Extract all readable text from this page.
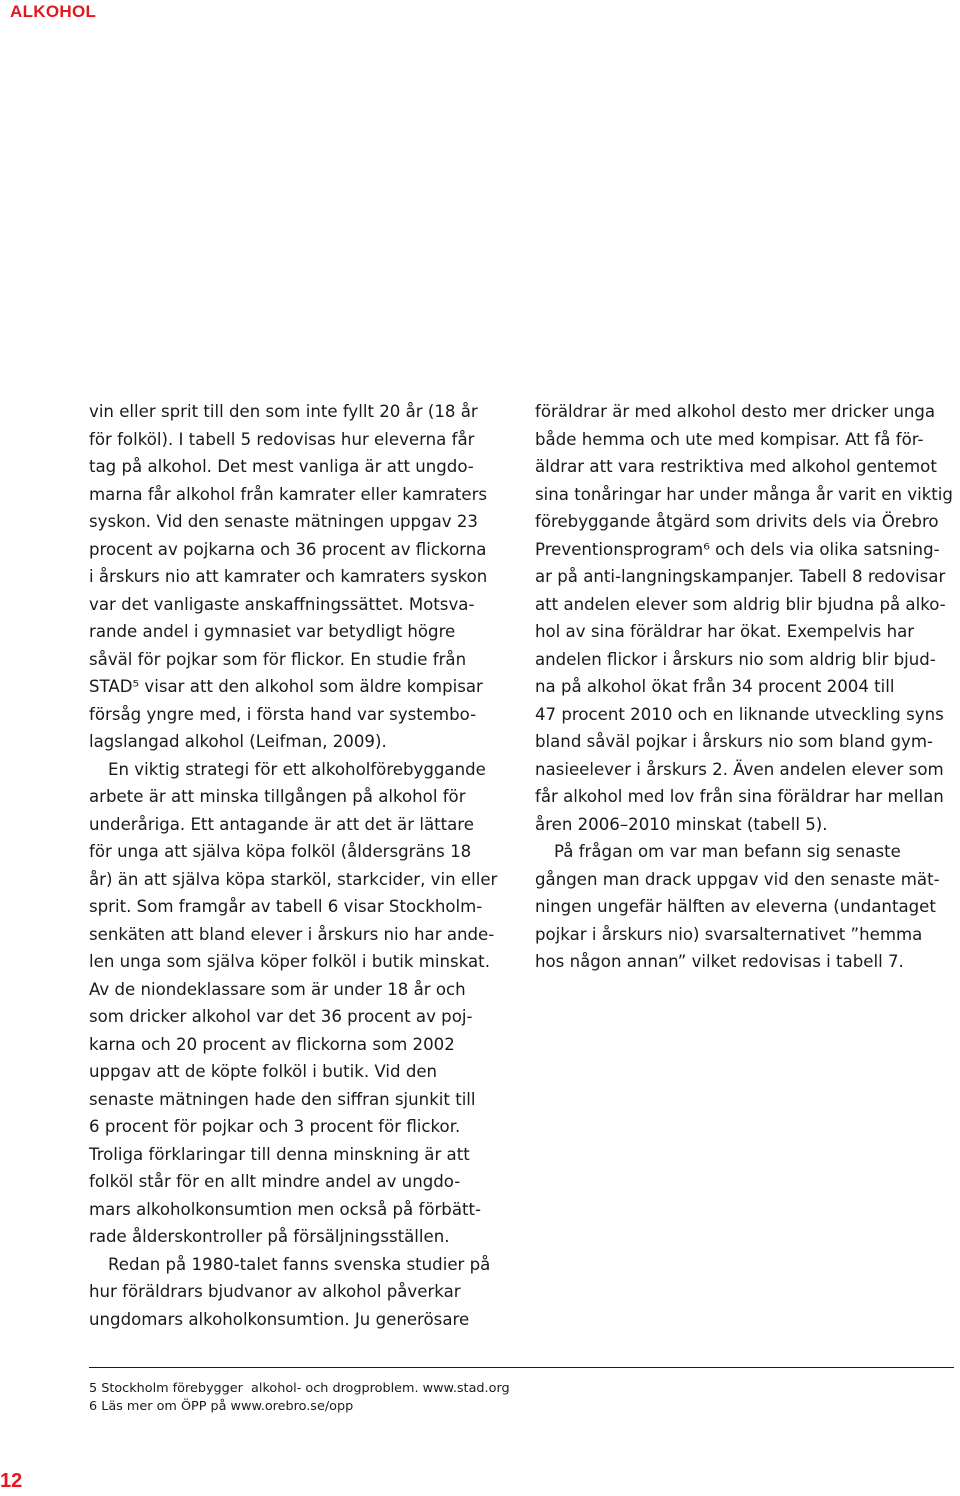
ALKOHOL

vin eller sprit till den som inte fyllt 20 år (18 år
för folköl). I tabell 5 redovisas hur eleverna får
tag på alkohol. Det mest vanliga är att ungdo-
marna får alkohol från kamrater eller kamraters
syskon. Vid den senaste mätningen uppgav 23
procent av pojkarna och 36 procent av flickorna
i årskurs nio att kamrater och kamraters syskon
var det vanligaste anskaffningssättet. Motsva-
rande andel i gymnasiet var betydligt högre
såväl för pojkar som för flickor. En studie från
STAD⁵ visar att den alkohol som äldre kompisar
försåg yngre med, i första hand var systembo-
lagslangad alkohol (Leifman, 2009).

En viktig strategi för ett alkoholförebyggande
arbete är att minska tillgången på alkohol för
underåriga. Ett antagande är att det är lättare
för unga att själva köpa folköl (åldersgräns 18
år) än att själva köpa starköl, starkcider, vin eller
sprit. Som framgår av tabell 6 visar Stockholm-
senkäten att bland elever i årskurs nio har ande-
len unga som själva köper folköl i butik minskat.
Av de niondeklassare som är under 18 år och
som dricker alkohol var det 36 procent av poj-
karna och 20 procent av flickorna som 2002
uppgav att de köpte folköl i butik. Vid den
senaste mätningen hade den siffran sjunkit till
6 procent för pojkar och 3 procent för flickor.
Troliga förklaringar till denna minskning är att
folköl står för en allt mindre andel av ungdo-
mars alkoholkonsumtion men också på förbätt-
rade ålderskontroller på försäljningsställen.

Redan på 1980-talet fanns svenska studier på
hur föräldrars bjudvanor av alkohol påverkar
ungdomars alkoholkonsumtion. Ju generösare

föräldrar är med alkohol desto mer dricker unga
både hemma och ute med kompisar. Att få för-
äldrar att vara restriktiva med alkohol gentemot
sina tonåringar har under många år varit en viktig
förebyggande åtgärd som drivits dels via Örebro
Preventionsprogram⁶ och dels via olika satsning-
ar på anti-langningskampanjer. Tabell 8 redovisar
att andelen elever som aldrig blir bjudna på alko-
hol av sina föräldrar har ökat. Exempelvis har
andelen flickor i årskurs nio som aldrig blir bjud-
na på alkohol ökat från 34 procent 2004 till
47 procent 2010 och en liknande utveckling syns
bland såväl pojkar i årskurs nio som bland gym-
nasieelever i årskurs 2. Även andelen elever som
får alkohol med lov från sina föräldrar har mellan
åren 2006–2010 minskat (tabell 5).

På frågan om var man befann sig senaste
gången man drack uppgav vid den senaste mät-
ningen ungefär hälften av eleverna (undantaget
pojkar i årskurs nio) svarsalternativet ”hemma
hos någon annan” vilket redovisas i tabell 7.

5 Stockholm förebygger  alkohol- och drogproblem. www.stad.org
6 Läs mer om ÖPP på www.orebro.se/opp
12
